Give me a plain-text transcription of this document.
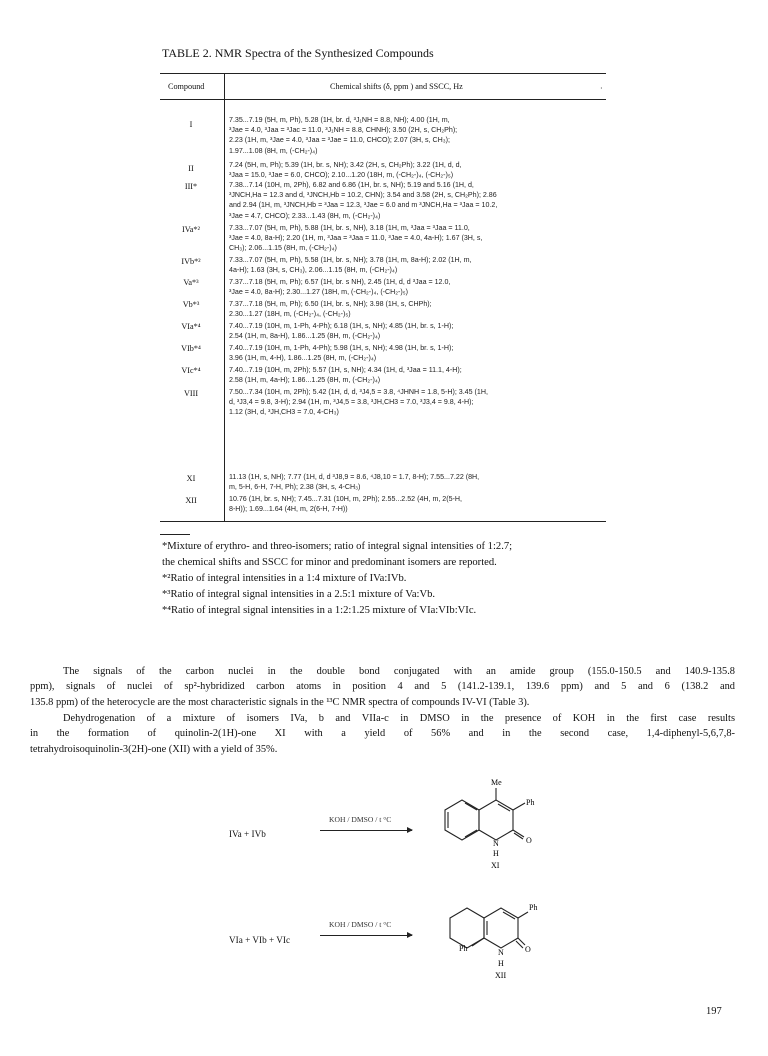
TABLE 2. NMR Spectra of the Synthesized Compounds
Compound	Chemical shifts (δ, ppm ) and SSCC, Hz	·
I	7.35...7.19 (5H, m, Ph), 5.28 (1H, br. d, ³J₁NH = 8.8, NH); 4.00 (1H, m,
³Jae = 4.0, ³Jaa = ³Jac = 11.0, ³J₁NH = 8.8, CHNH); 3.50 (2H, s, CH₂Ph);
2.23 (1H, m, ³Jae = 4.0, ³Jaa = ³Jae = 11.0, CHCO); 2.07 (3H, s, CH₃);
1.97...1.08 (8H, m, (-CH₂-)₄)
II	7.24 (5H, m, Ph); 5.39 (1H, br. s, NH); 3.42 (2H, s, CH₂Ph); 3.22 (1H, d, d,
³Jaa = 15.0, ³Jae = 6.0, CHCO); 2.10...1.20 (18H, m, (-CH₂-)₄, (-CH₂-)₅)
III*	7.38...7.14 (10H, m, 2Ph), 6.82 and 6.86 (1H, br. s, NH); 5.19 and 5.16 (1H, d,
³JNCH,Ha = 12.3 and d, ³JNCH,Hb = 10.2, CHN); 3.54 and 3.58 (2H, s, CH₂Ph); 2.86
and 2.94 (1H, m, ³JNCH,Hb = ³Jaa = 12.3, ³Jae = 6.0 and m ³JNCH,Ha = ³Jaa = 10.2,
³Jae = 4.7, CHCO); 2.33...1.43 (8H, m, (-CH₂-)₄)
IVa*²	7.33...7.07 (5H, m, Ph), 5.88 (1H, br. s, NH), 3.18 (1H, m, ³Jaa = ³Jaa = 11.0,
³Jae = 4.0, 8a-H); 2.20 (1H, m, ³Jaa = ³Jaa = 11.0, ³Jae = 4.0, 4a-H); 1.67 (3H, s,
CH₃); 2.06...1.15 (8H, m, (-CH₂-)₄)
IVb*²	7.33...7.07 (5H, m, Ph), 5.58 (1H, br. s, NH); 3.78 (1H, m, 8a-H); 2.02 (1H, m,
4a-H); 1.63 (3H, s, CH₃), 2.06...1.15 (8H, m, (-CH₂-)₄)
Va*³	7.37...7.18 (5H, m, Ph); 6.57 (1H, br. s NH), 2.45 (1H, d, d ³Jaa = 12.0,
³Jae = 4.0, 8a-H); 2.30...1.27 (18H, m, (-CH₂-)₄, (-CH₂-)₅)
Vb*³	7.37...7.18 (5H, m, Ph); 6.50 (1H, br. s, NH); 3.98 (1H, s, CHPh);
2.30...1.27 (18H, m, (-CH₂-)₄, (-CH₂-)₅)
VIa*⁴	7.40...7.19 (10H, m, 1-Ph, 4-Ph); 6.18 (1H, s, NH); 4.85 (1H, br. s, 1-H);
2.54 (1H, m, 8a-H), 1.86...1.25 (8H, m, (-CH₂-)₄)
VIb*⁴	7.40...7.19 (10H, m, 1-Ph, 4-Ph); 5.98 (1H, s, NH); 4.98 (1H, br. s, 1-H);
3.96 (1H, m, 4-H), 1.86...1.25 (8H, m, (-CH₂-)₄)
VIc*⁴	7.40...7.19 (10H, m, 2Ph); 5.57 (1H, s, NH); 4.34 (1H, d, ³Jaa = 11.1, 4-H);
2.58 (1H, m, 4a-H); 1.86...1.25 (8H, m, (-CH₂-)₄)
VIII	7.50...7.34 (10H, m, 2Ph); 5.42 (1H, d, d, ³J4,5 = 3.8, ⁴JHNH = 1.8, 5-H); 3.45 (1H,
d, ³J3,4 = 9.8, 3-H); 2.94 (1H, m, ³J4,5 = 3.8, ³JH,CH3 = 7.0, ³J3,4 = 9.8, 4-H);
1.12 (3H, d, ³JH,CH3 = 7.0, 4-CH₃)
XI	11.13 (1H, s, NH); 7.77 (1H, d, d ³J8,9 = 8.6, ⁴J8,10 = 1.7, 8-H); 7.55...7.22 (8H,
m, 5-H, 6-H, 7-H, Ph); 2.38 (3H, s, 4-CH₃)
XII	10.76 (1H, br. s, NH); 7.45...7.31 (10H, m, 2Ph); 2.55...2.52 (4H, m, 2(5-H,
8-H)); 1.69...1.64 (4H, m, 2(6-H, 7-H))
*Mixture of erythro- and threo-isomers; ratio of integral signal intensities of 1:2.7;
the chemical shifts and SSCC for minor and predominant isomers are reported.
*²Ratio of integral intensities in a 1:4 mixture of IVa:IVb.
*³Ratio of integral signal intensities in a 2.5:1 mixture of Va:Vb.
*⁴Ratio of integral signal intensities in a 1:2:1.25 mixture of VIa:VIb:VIc.
The signals of the carbon nuclei in the double bond conjugated with an amide group (155.0-150.5 and 140.9-135.8
ppm), signals of nuclei of sp²-hybridized carbon atoms in position 4 and 5 (141.2-139.1, 139.6 ppm) and 5 and 6 (138.2 and
135.8 ppm) of the heterocycle are the most characteristic signals in the ¹³C NMR spectra of compounds IV-VI (Table 3).
Dehydrogenation of a mixture of isomers IVa, b and VIIa-c in DMSO in the presence of KOH in the first case results
in the formation of quinolin-2(1H)-one XI with a yield of 56% and in the second case, 1,4-diphenyl-5,6,7,8-
tetrahydroisoquinolin-3(2H)-one (XII) with a yield of 35%.
IVa + IVb
KOH / DMSO / t °C
VIa + VIb + VIc
KOH / DMSO / t °C
Me
Ph
N	O
H
XI
Ph
Ph	N	O
H
XII
197
